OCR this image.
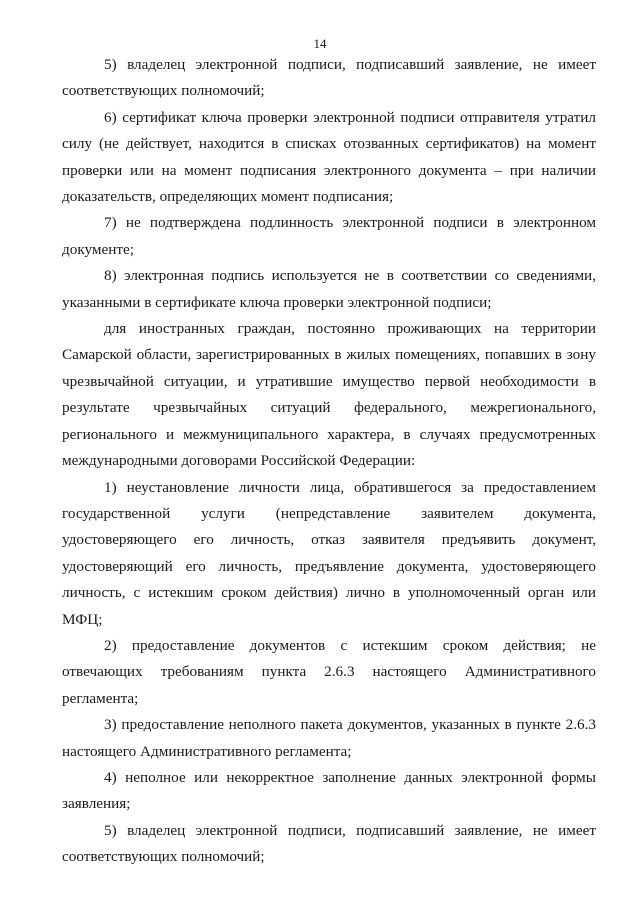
14

5) владелец электронной подписи, подписавший заявление, не имеет соответствующих полномочий;

6) сертификат ключа проверки электронной подписи отправителя утратил силу (не действует, находится в списках отозванных сертификатов) на момент проверки или на момент подписания электронного документа – при наличии доказательств, определяющих момент подписания;

7) не подтверждена подлинность электронной подписи в электронном документе;

8) электронная подпись используется не в соответствии со сведениями, указанными в сертификате ключа проверки электронной подписи;

для иностранных граждан, постоянно проживающих на территории Самарской области, зарегистрированных в жилых помещениях, попавших в зону чрезвычайной ситуации, и утратившие имущество первой необходимости в результате чрезвычайных ситуаций федерального, межрегионального, регионального и межмуниципального характера, в случаях предусмотренных международными договорами Российской Федерации:

1) неустановление личности лица, обратившегося за предоставлением государственной услуги (непредставление заявителем документа, удостоверяющего его личность, отказ заявителя предъявить документ, удостоверяющий его личность, предъявление документа, удостоверяющего личность, с истекшим сроком действия) лично в уполномоченный орган или МФЦ;

2) предоставление документов с истекшим сроком действия; не отвечающих требованиям пункта 2.6.3 настоящего Административного регламента;

3) предоставление неполного пакета документов, указанных в пункте 2.6.3 настоящего Административного регламента;

4) неполное или некорректное заполнение данных электронной формы заявления;

5) владелец электронной подписи, подписавший заявление, не имеет соответствующих полномочий;
